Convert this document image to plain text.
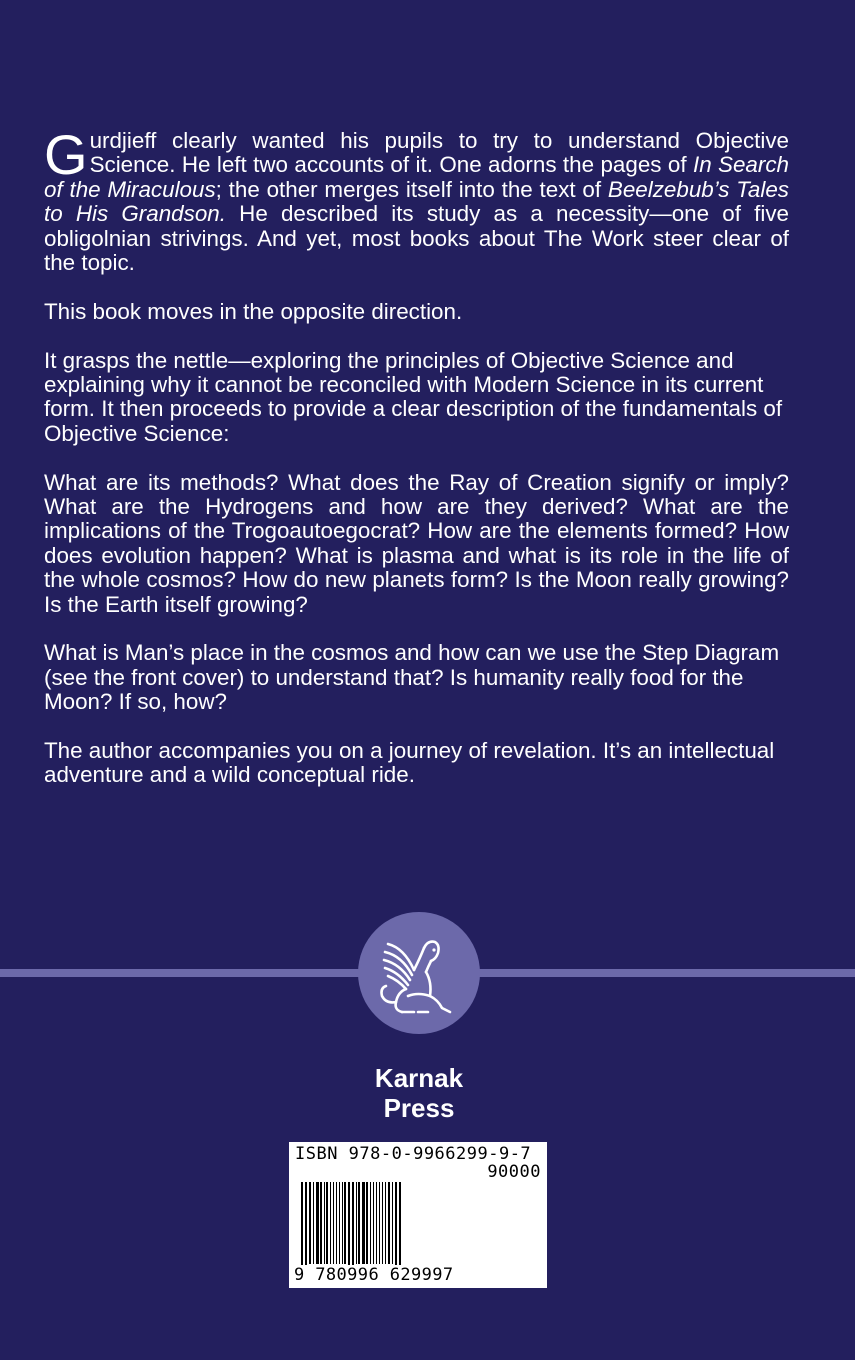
Gurdjieff clearly wanted his pupils to try to understand Objective Science. He left two accounts of it. One adorns the pages of In Search of the Miraculous; the other merges itself into the text of Beelzebub’s Tales to His Grandson. He described its study as a necessity—one of five obligolnian strivings. And yet, most books about The Work steer clear of the topic.

This book moves in the opposite direction.

It grasps the nettle—exploring the principles of Objective Science and explaining why it cannot be reconciled with Modern Science in its current form. It then proceeds to provide a clear description of the fundamentals of Objective Science:

What are its methods? What does the Ray of Creation signify or imply? What are the Hydrogens and how are they derived? What are the implications of the Trogoautoegocrat? How are the elements formed? How does evolution happen? What is plasma and what is its role in the life of the whole cosmos? How do new planets form? Is the Moon really growing? Is the Earth itself growing?

What is Man’s place in the cosmos and how can we use the Step Diagram (see the front cover) to understand that? Is humanity really food for the Moon? If so, how?

The author accompanies you on a journey of revelation. It’s an intellectual adventure and a wild conceptual ride.

Karnak
Press
ISBN 978-0-9966299-9-7
90000
9 780996 629997
